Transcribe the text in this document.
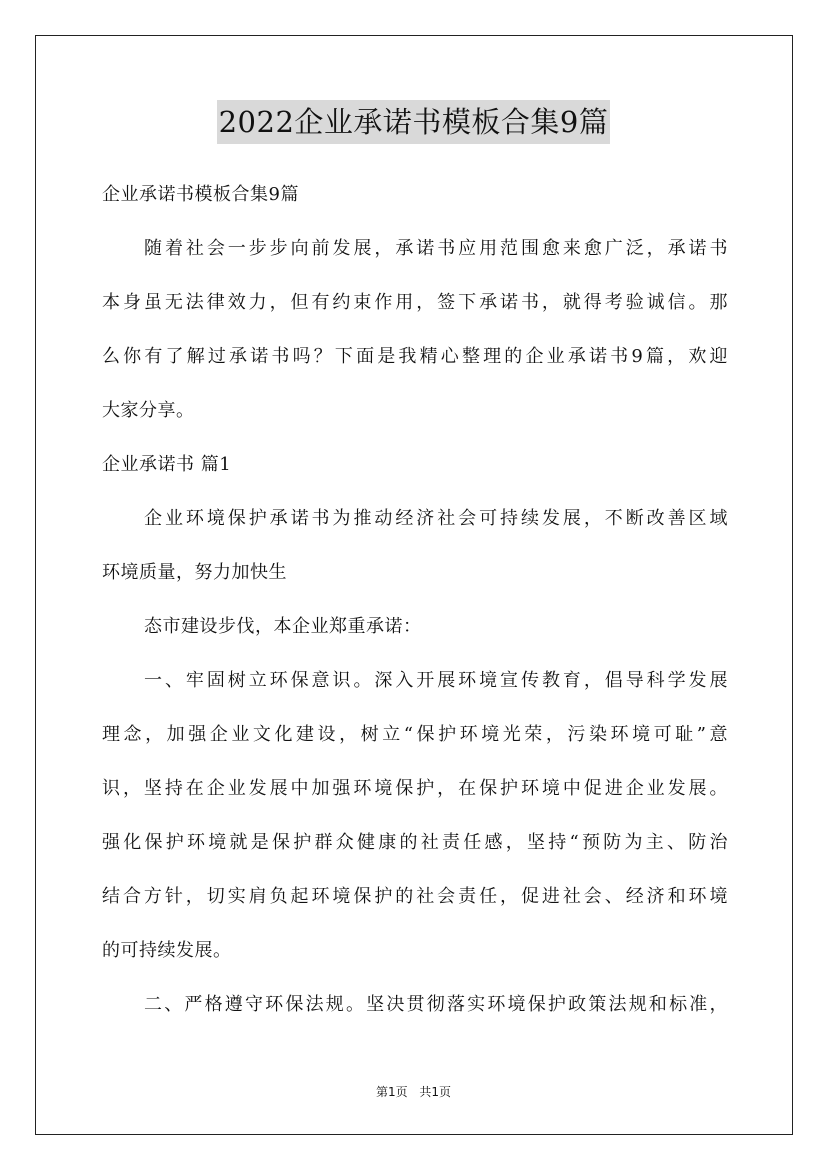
2022企业承诺书模板合集9篇
企业承诺书模板合集9篇
随着社会一步步向前发展，承诺书应用范围愈来愈广泛，承诺书
本身虽无法律效力，但有约束作用，签下承诺书，就得考验诚信。那
么你有了解过承诺书吗？下面是我精心整理的企业承诺书9篇，欢迎
大家分享。
企业承诺书 篇1
企业环境保护承诺书为推动经济社会可持续发展，不断改善区域
环境质量，努力加快生
态市建设步伐，本企业郑重承诺：
一、牢固树立环保意识。深入开展环境宣传教育，倡导科学发展
理念，加强企业文化建设，树立“保护环境光荣，污染环境可耻”意
识，坚持在企业发展中加强环境保护，在保护环境中促进企业发展。
强化保护环境就是保护群众健康的社责任感，坚持“预防为主、防治
结合方针，切实肩负起环境保护的社会责任，促进社会、经济和环境
的可持续发展。
二、严格遵守环保法规。坚决贯彻落实环境保护政策法规和标准，
第1页 共1页
